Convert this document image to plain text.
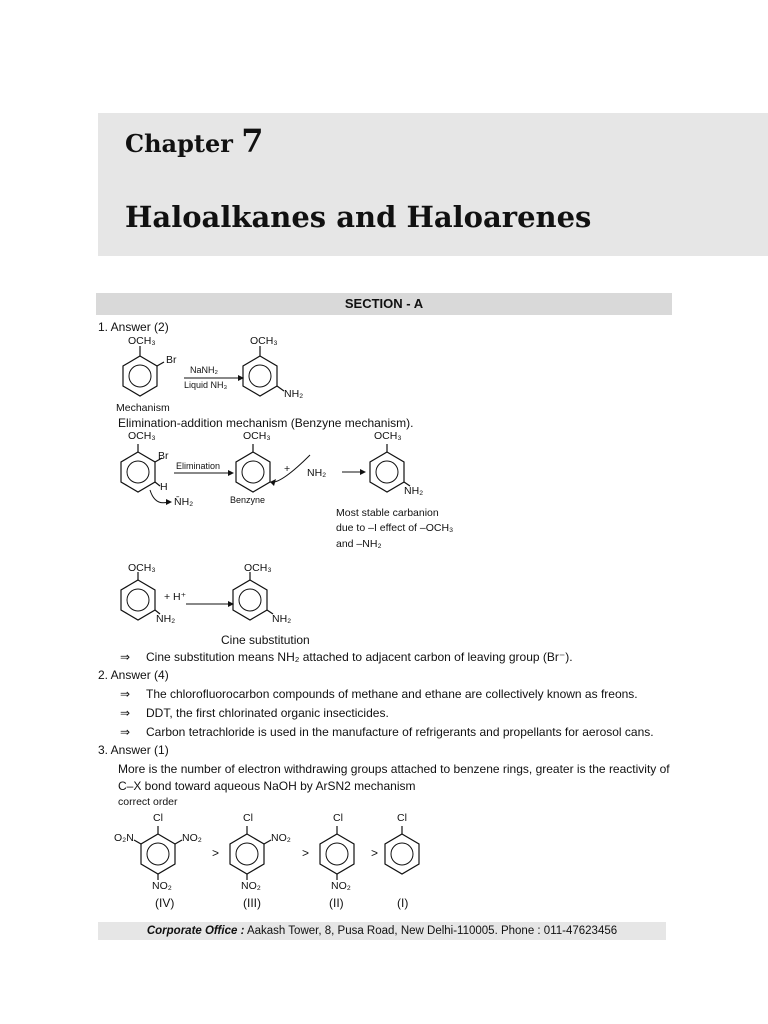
Chapter 7
Haloalkanes and Haloarenes
SECTION - A
1. Answer (2)
OCH₃
Br
NaNH₂
Liquid NH₃
OCH₃
NH₂
Mechanism
Elimination-addition mechanism (Benzyne mechanism).
OCH₃
Br
H
N̄H₂
Elimination
OCH₃
Benzyne
+ NH₂
OCH₃
NH₂
Most stable carbanion
due to –I effect of –OCH₃
and –NH₂
OCH₃
+ H⁺
NH₂
OCH₃
NH₂
Cine substitution
⇒ Cine substitution means NH₂ attached to adjacent carbon of leaving group (Br⁻).
2. Answer (4)
⇒ The chlorofluorocarbon compounds of methane and ethane are collectively known as freons.
⇒ DDT, the first chlorinated organic insecticides.
⇒ Carbon tetrachloride is used in the manufacture of refrigerants and propellants for aerosol cans.
3. Answer (1)
More is the number of electron withdrawing groups attached to benzene rings, greater is the reactivity of
C–X bond toward aqueous NaOH by ArSN2 mechanism
correct order
Cl
O₂N	NO₂
NO₂
(IV)
>
Cl
NO₂
NO₂
(III)
>
Cl
NO₂
(II)
>
Cl
(I)
Corporate Office : Aakash Tower, 8, Pusa Road, New Delhi-110005. Phone : 011-47623456
